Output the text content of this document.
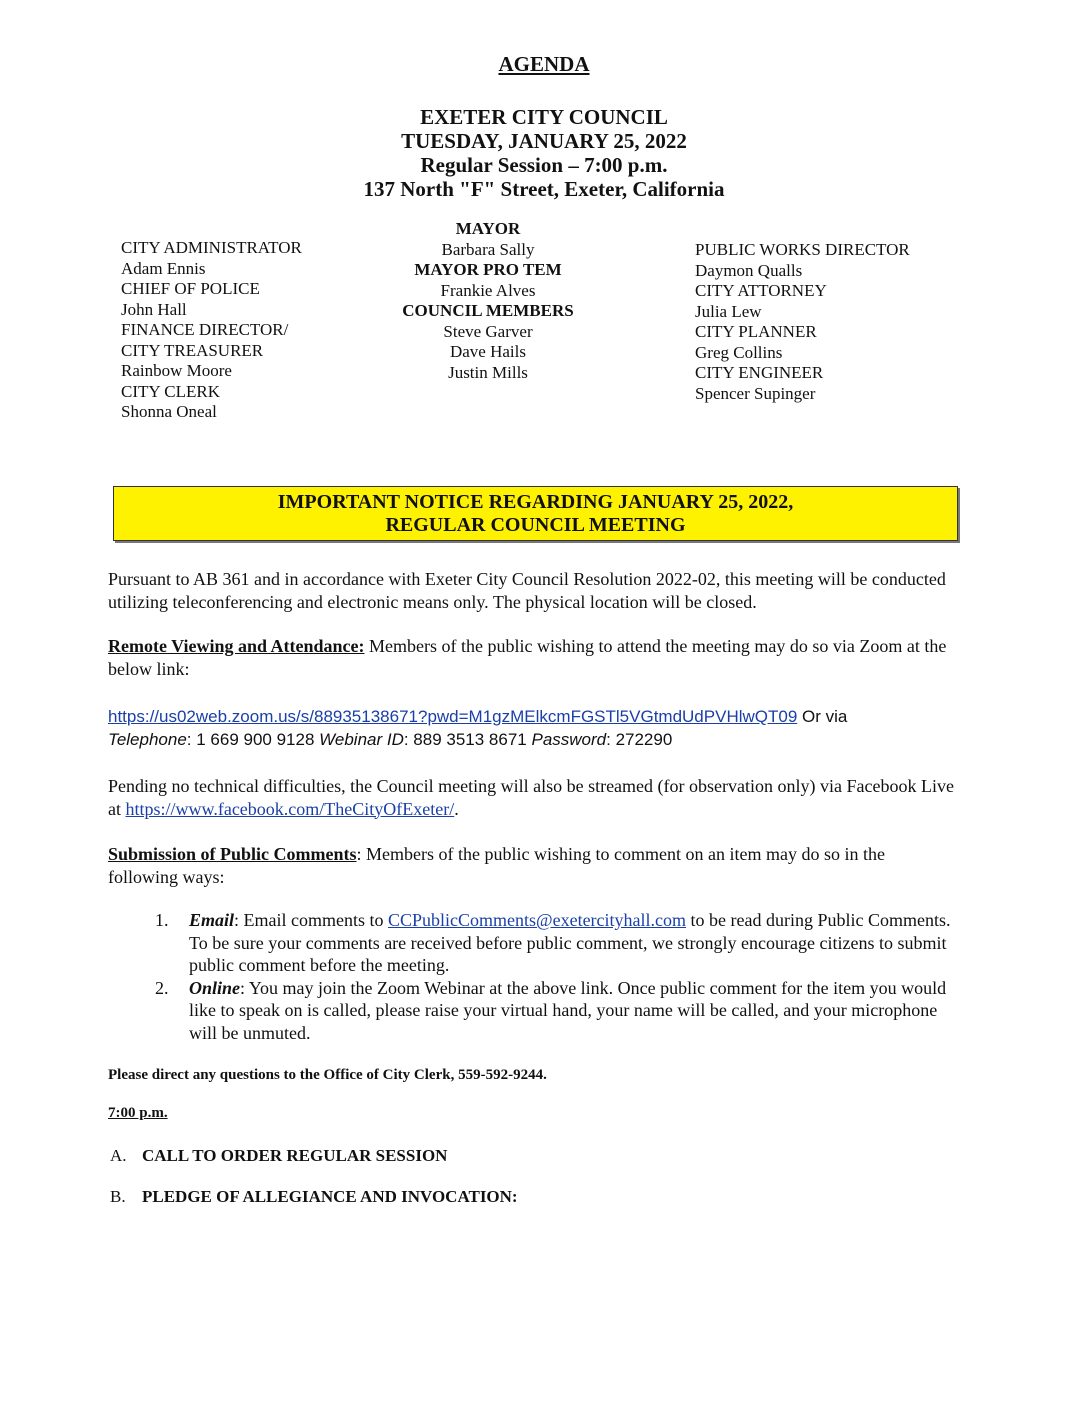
AGENDA
EXETER CITY COUNCIL
TUESDAY, JANUARY 25, 2022
Regular Session – 7:00 p.m.
137 North "F" Street, Exeter, California
CITY ADMINISTRATOR
Adam Ennis
CHIEF OF POLICE
John Hall
FINANCE DIRECTOR/
CITY TREASURER
Rainbow Moore
CITY CLERK
Shonna Oneal
MAYOR
Barbara Sally
MAYOR PRO TEM
Frankie Alves
COUNCIL MEMBERS
Steve Garver
Dave Hails
Justin Mills
PUBLIC WORKS DIRECTOR
Daymon Qualls
CITY ATTORNEY
Julia Lew
CITY PLANNER
Greg Collins
CITY ENGINEER
Spencer Supinger
IMPORTANT NOTICE REGARDING JANUARY 25, 2022,
REGULAR COUNCIL MEETING
Pursuant to AB 361 and in accordance with Exeter City Council Resolution 2022-02, this meeting will be conducted utilizing teleconferencing and electronic means only. The physical location will be closed.
Remote Viewing and Attendance: Members of the public wishing to attend the meeting may do so via Zoom at the below link:
https://us02web.zoom.us/s/88935138671?pwd=M1gzMElkcmFGSTl5VGtmdUdPVHlwQT09 Or via
Telephone: 1 669 900 9128 Webinar ID: 889 3513 8671 Password: 272290
Pending no technical difficulties, the Council meeting will also be streamed (for observation only) via Facebook Live at https://www.facebook.com/TheCityOfExeter/.
Submission of Public Comments: Members of the public wishing to comment on an item may do so in the following ways:
1. Email: Email comments to CCPublicComments@exetercityhall.com to be read during Public Comments. To be sure your comments are received before public comment, we strongly encourage citizens to submit public comment before the meeting.
2. Online: You may join the Zoom Webinar at the above link. Once public comment for the item you would like to speak on is called, please raise your virtual hand, your name will be called, and your microphone will be unmuted.
Please direct any questions to the Office of City Clerk, 559-592-9244.
7:00 p.m.
A. CALL TO ORDER REGULAR SESSION
B. PLEDGE OF ALLEGIANCE AND INVOCATION:
